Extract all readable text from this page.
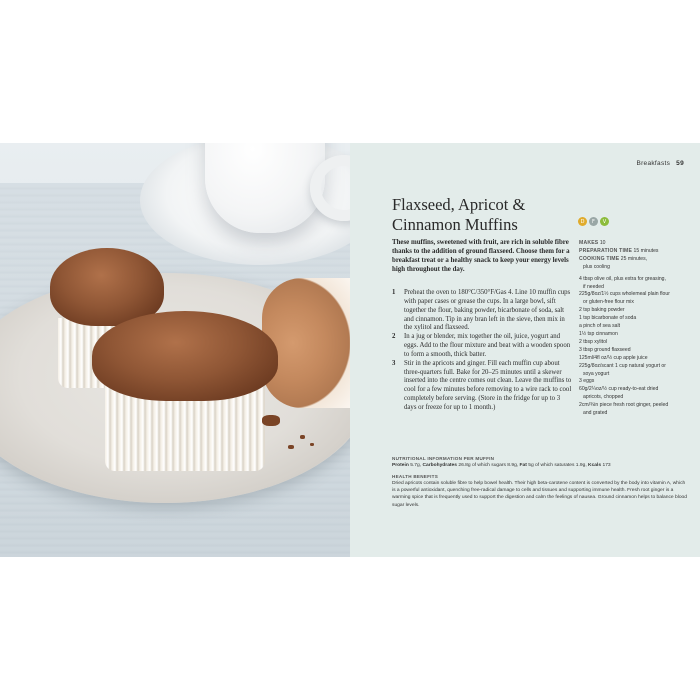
Breakfasts 59
Flaxseed, Apricot &
Cinnamon Muffins	D	F	V

These muffins, sweetened with fruit, are rich in soluble fibre thanks to the addition of ground flaxseed. Choose them for a breakfast treat or a healthy snack to keep your energy levels high throughout the day.

1 Preheat the oven to 180°C/350°F/Gas 4. Line 10 muffin cups with paper cases or grease the cups. In a large bowl, sift together the flour, baking powder, bicarbonate of soda, salt and cinnamon. Tip in any bran left in the sieve, then mix in the xylitol and flaxseed.
2 In a jug or blender, mix together the oil, juice, yogurt and eggs. Add to the flour mixture and beat with a wooden spoon to form a smooth, thick batter.
3 Stir in the apricots and ginger. Fill each muffin cup about three-quarters full. Bake for 20–25 minutes until a skewer inserted into the centre comes out clean. Leave the muffins to cool for a few minutes before removing to a wire rack to cool completely before serving. (Store in the fridge for up to 3 days or freeze for up to 1 month.)
MAKES 10
PREPARATION TIME 15 minutes
COOKING TIME 25 minutes,
plus cooling
4 tbsp olive oil, plus extra for greasing,
if needed
225g/8oz/1½ cups wholemeal plain flour
or gluten-free flour mix
2 tsp baking powder
1 tsp bicarbonate of soda
a pinch of sea salt
1½ tsp cinnamon
2 tbsp xylitol
3 tbsp ground flaxseed
125ml/4fl oz/½ cup apple juice
225g/8oz/scant 1 cup natural yogurt or
soya yogurt
3 eggs
60g/2¼oz/½ cup ready-to-eat dried
apricots, chopped
2cm/¾in piece fresh root ginger, peeled
and grated
NUTRITIONAL INFORMATION PER MUFFIN
Protein 5.7g, Carbohydrates 26.8g of which sugars 8.9g, Fat 5g of which saturates 1.9g, Kcals 173
HEALTH BENEFITS
Dried apricots contain soluble fibre to help bowel health. Their high beta-carotene content is converted by the body into vitamin A, which is a powerful antioxidant, quenching free-radical damage to cells and tissues and supporting immune health. Fresh root ginger is a warming spice that is frequently used to support the digestion and calm the feelings of nausea. Ground cinnamon helps to balance blood sugar levels.
